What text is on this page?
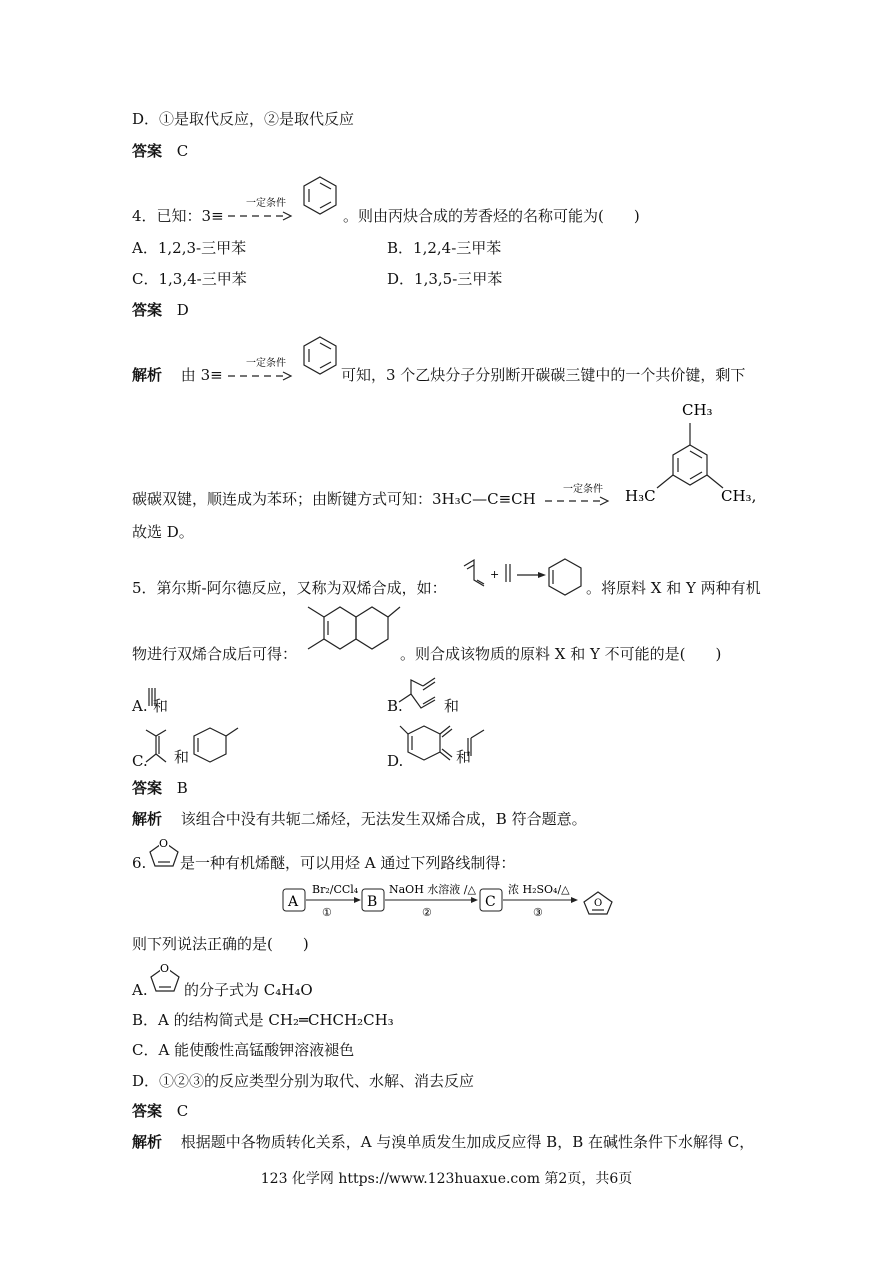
D．①是取代反应，②是取代反应
答案 C
4．已知：3≡
一定条件
。则由丙炔合成的芳香烃的名称可能为(　　)
A．1,2,3-三甲苯	B．1,2,4-三甲苯
C．1,3,4-三甲苯	D．1,3,5-三甲苯
答案 D
解析 由 3≡
一定条件
可知，3 个乙炔分子分别断开碳碳三键中的一个共价键，剩下
碳碳双键，顺连成为苯环；由断键方式可知：3H₃C—C≡CH
一定条件
CH₃
H₃C	CH₃,
故选 D。
5．第尔斯-阿尔德反应，又称为双烯合成，如：
+
。将原料 X 和 Y 两种有机
物进行双烯合成后可得：	。则合成该物质的原料 X 和 Y 不可能的是(　　)
A. 和	B.	和
C. 和	D.	和
答案 B
解析 该组合中没有共轭二烯烃，无法发生双烯合成，B 符合题意。
6.
O
是一种有机烯醚，可以用烃 A 通过下列路线制得：
A
Br₂/CCl₄
①
B
NaOH 水溶液 /△
②
C
浓 H₂SO₄/△
③
O
则下列说法正确的是(　　)
A.
O
的分子式为 C₄H₄O
B．A 的结构简式是 CH₂═CHCH₂CH₃
C．A 能使酸性高锰酸钾溶液褪色
D．①②③的反应类型分别为取代、水解、消去反应
答案 C
解析 根据题中各物质转化关系，A 与溴单质发生加成反应得 B，B 在碱性条件下水解得 C，
123 化学网 https://www.123huaxue.com 第2页，共6页
